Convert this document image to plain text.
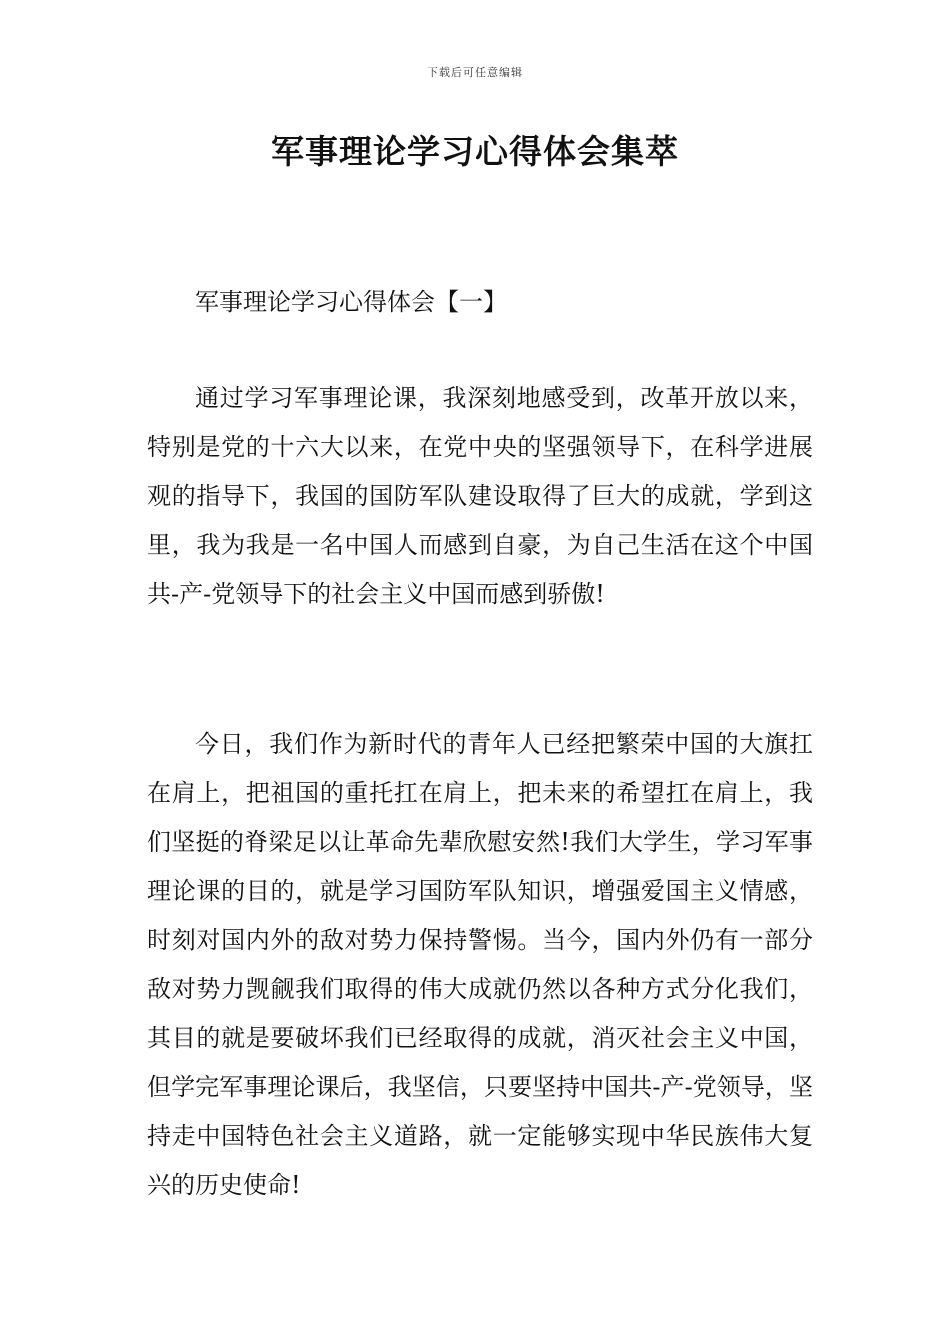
下载后可任意编辑
军事理论学习心得体会集萃
军事理论学习心得体会【一】

通过学习军事理论课，我深刻地感受到，改革开放以来，特别是党的十六大以来，在党中央的坚强领导下，在科学进展观的指导下，我国的国防军队建设取得了巨大的成就，学到这里，我为我是一名中国人而感到自豪，为自己生活在这个中国共-产-党领导下的社会主义中国而感到骄傲!

今日，我们作为新时代的青年人已经把繁荣中国的大旗扛在肩上，把祖国的重托扛在肩上，把未来的希望扛在肩上，我们坚挺的脊梁足以让革命先辈欣慰安然!我们大学生，学习军事理论课的目的，就是学习国防军队知识，增强爱国主义情感，时刻对国内外的敌对势力保持警惕。当今，国内外仍有一部分敌对势力觊觎我们取得的伟大成就仍然以各种方式分化我们，其目的就是要破坏我们已经取得的成就，消灭社会主义中国，但学完军事理论课后，我坚信，只要坚持中国共-产-党领导，坚持走中国特色社会主义道路，就一定能够实现中华民族伟大复兴的历史使命!
